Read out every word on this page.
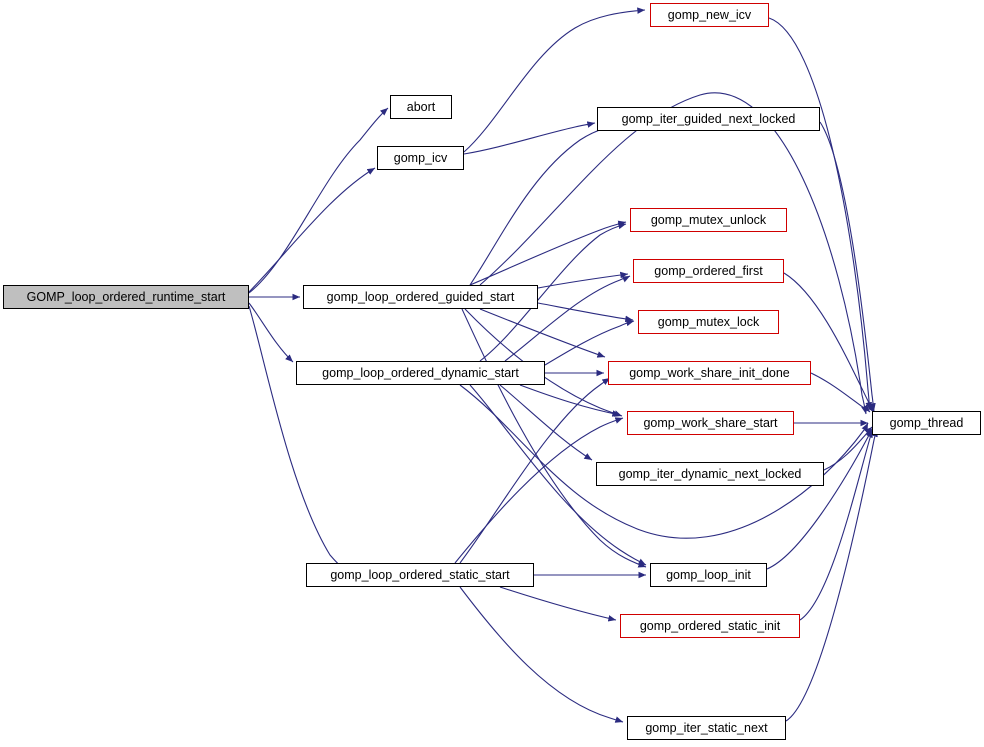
GOMP_loop_ordered_runtime_start
abort
gomp_icv
gomp_new_icv
gomp_iter_guided_next_locked
gomp_mutex_unlock
gomp_ordered_first
gomp_mutex_lock
gomp_loop_ordered_guided_start
gomp_loop_ordered_dynamic_start	gomp_work_share_init_done
gomp_work_share_start
gomp_iter_dynamic_next_locked
gomp_thread
gomp_loop_ordered_static_start	gomp_loop_init
gomp_ordered_static_init
gomp_iter_static_next
